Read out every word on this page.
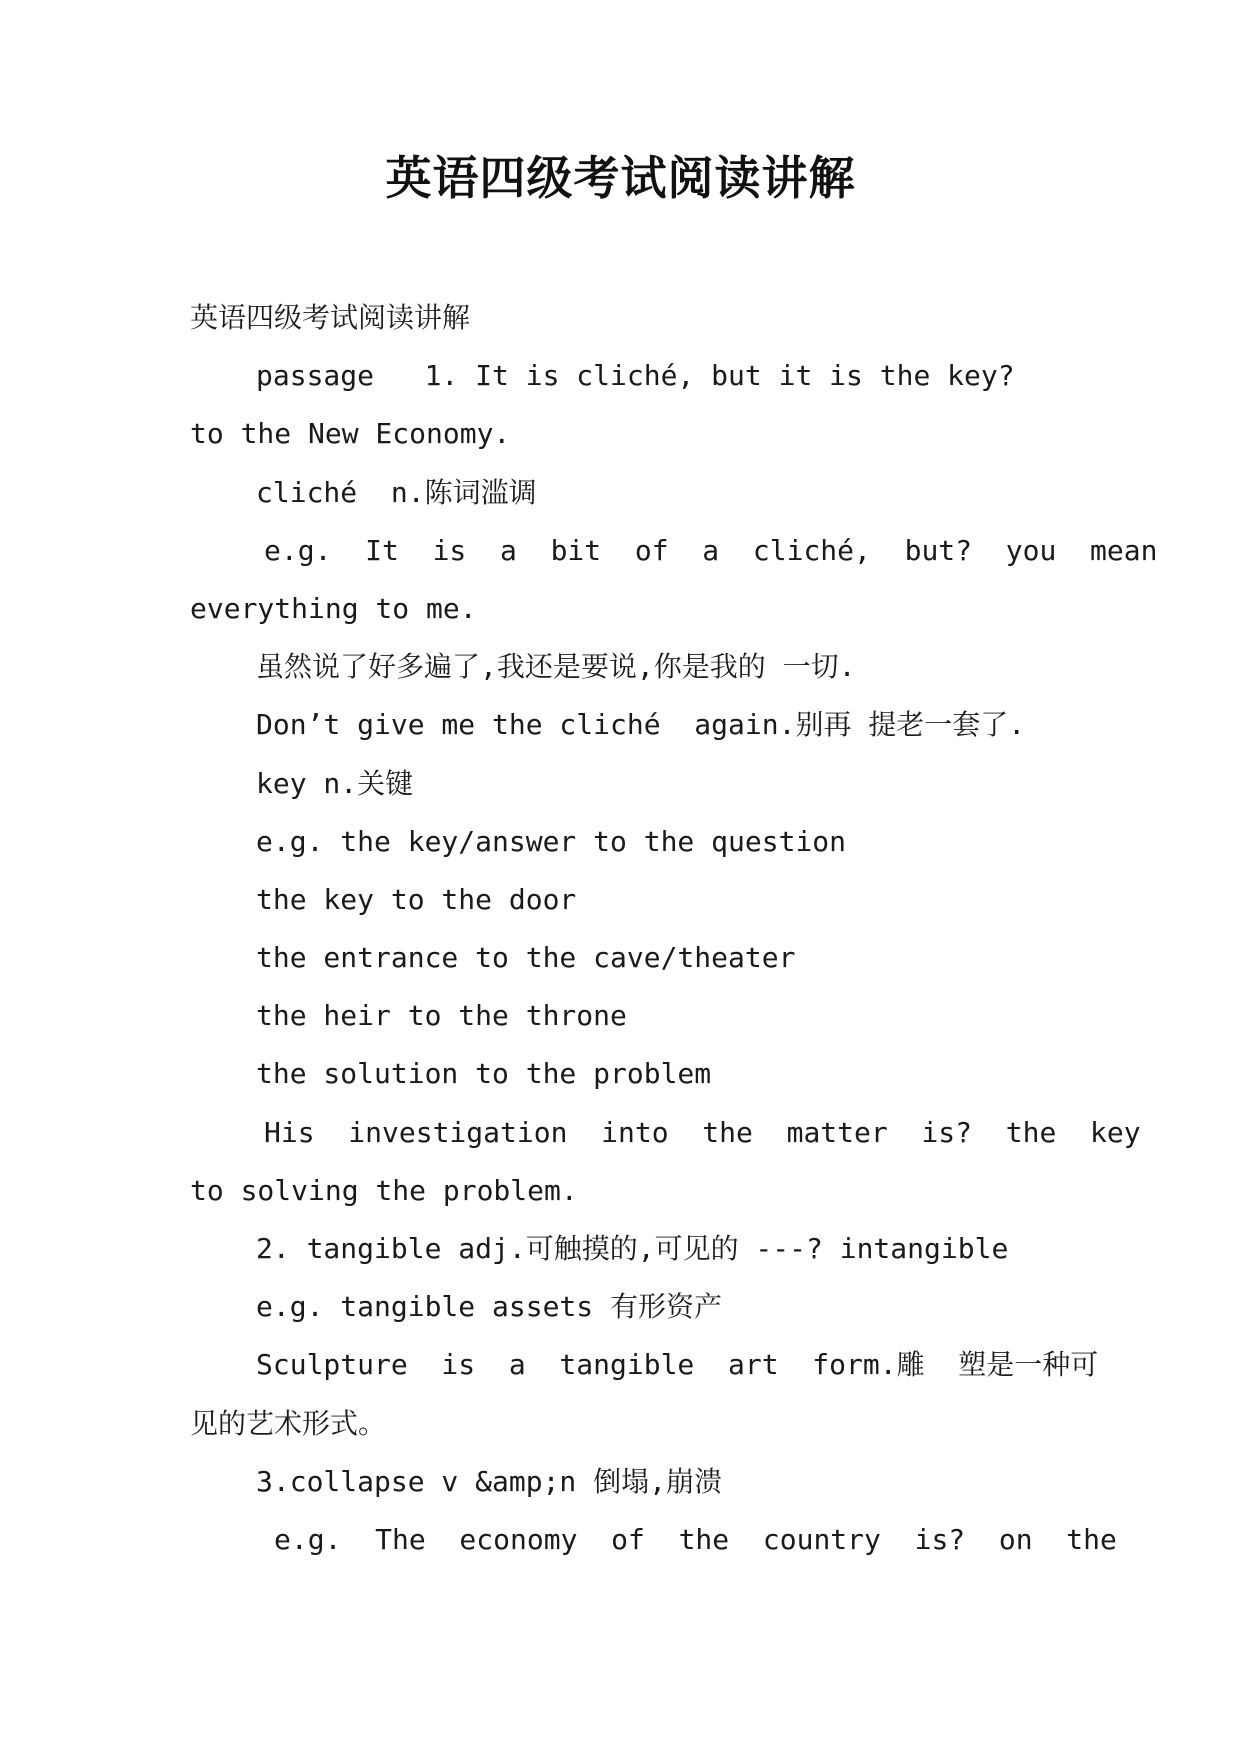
英语四级考试阅读讲解

英语四级考试阅读讲解

passage   1. It is cliché, but it is the key?

to the New Economy.

cliché  n.陈词滥调

e.g.  It  is  a  bit  of  a  cliché,  but?  you  mean

everything to me.

虽然说了好多遍了,我还是要说,你是我的 一切.

Don’t give me the cliché  again.别再 提老一套了.

key n.关键

e.g. the key/answer to the question

the key to the door

the entrance to the cave/theater

the heir to the throne

the solution to the problem

His  investigation  into  the  matter  is?  the  key

to solving the problem.

2. tangible adj.可触摸的,可见的 ---? intangible

e.g. tangible assets 有形资产

Sculpture  is  a  tangible  art  form.雕  塑是一种可

见的艺术形式。

3.collapse v &amp;n 倒塌,崩溃

e.g.  The  economy  of  the  country  is?  on  the
